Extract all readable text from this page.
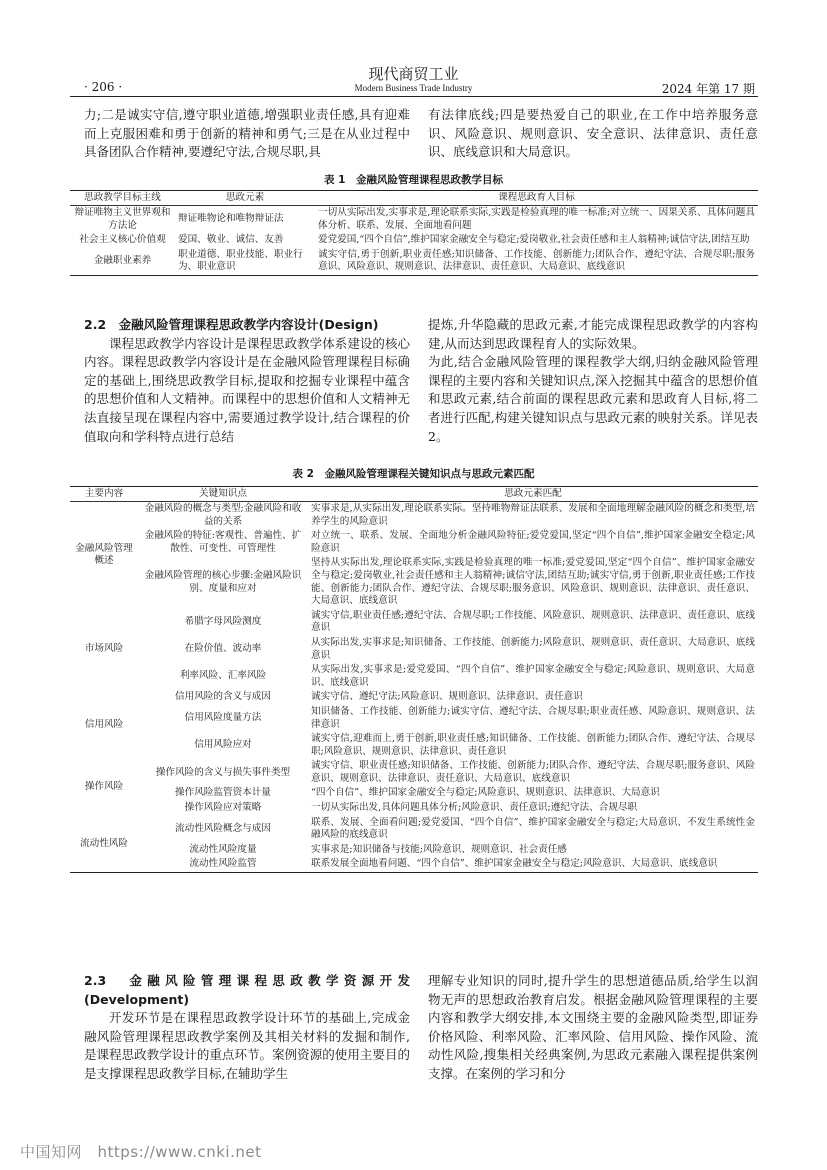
· 206 ·
现代商贸工业
Modern Business Trade Industry	2024 年第 17 期

力;二是诚实守信,遵守职业道德,增强职业责任感,具有迎难而上克服困难和勇于创新的精神和勇气;三是在从业过程中具备团队合作精神,要遵纪守法,合规尽职,具

有法律底线;四是要热爱自己的职业,在工作中培养服务意识、风险意识、规则意识、安全意识、法律意识、责任意识、底线意识和大局意识。

表 1　金融风险管理课程思政教学目标
思政教学目标主线	思政元素	课程思政育人目标
辩证唯物主义世界观和方法论	辩证唯物论和唯物辩证法	一切从实际出发,实事求是,理论联系实际,实践是检验真理的唯一标准;对立统一、因果关系、具体问题具体分析、联系、发展、全面地看问题
社会主义核心价值观	爱国、敬业、诚信、友善	爱党爱国,“四个自信”,维护国家金融安全与稳定;爱岗敬业,社会责任感和主人翁精神;诚信守法,团结互助
金融职业素养	职业道德、职业技能、职业行为、职业意识	诚实守信,勇于创新,职业责任感;知识储备、工作技能、创新能力;团队合作、遵纪守法、合规尽职;服务意识、风险意识、规则意识、法律意识、责任意识、大局意识、底线意识

2.2　金融风险管理课程思政教学内容设计(Design)

课程思政教学内容设计是课程思政教学体系建设的核心内容。课程思政教学内容设计是在金融风险管理课程目标确定的基础上,围绕思政教学目标,提取和挖掘专业课程中蕴含的思想价值和人文精神。而课程中的思想价值和人文精神无法直接呈现在课程内容中,需要通过教学设计,结合课程的价值取向和学科特点进行总结

提炼,升华隐藏的思政元素,才能完成课程思政教学的内容构建,从而达到思政课程育人的实际效果。

为此,结合金融风险管理的课程教学大纲,归纳金融风险管理课程的主要内容和关键知识点,深入挖掘其中蕴含的思想价值和思政元素,结合前面的课程思政元素和思政育人目标,将二者进行匹配,构建关键知识点与思政元素的映射关系。详见表 2。

表 2　金融风险管理课程关键知识点与思政元素匹配
主要内容	关键知识点	思政元素匹配
金融风险管理概述	金融风险的概念与类型;金融风险和收益的关系	实事求是,从实际出发,理论联系实际。坚持唯物辩证法联系、发展和全面地理解金融风险的概念和类型,培养学生的风险意识
	金融风险的特征:客观性、普遍性、扩散性、可变性、可管理性	对立统一、联系、发展、全面地分析金融风险特征;爱党爱国,坚定“四个自信”,维护国家金融安全稳定;风险意识
	金融风险管理的核心步骤:金融风险识别、度量和应对	坚持从实际出发,理论联系实际,实践是检验真理的唯一标准;爱党爱国,坚定“四个自信”、维护国家金融安全与稳定;爱岗敬业,社会责任感和主人翁精神;诚信守法,团结互助;诚实守信,勇于创新,职业责任感;工作技能、创新能力;团队合作、遵纪守法、合规尽职;服务意识、风险意识、规则意识、法律意识、责任意识、大局意识、底线意识
市场风险	希腊字母风险测度	诚实守信,职业责任感;遵纪守法、合规尽职;工作技能、风险意识、规则意识、法律意识、责任意识、底线意识
	在险价值、波动率	从实际出发,实事求是;知识储备、工作技能、创新能力;风险意识、规则意识、责任意识、大局意识、底线意识
	利率风险、汇率风险	从实际出发,实事求是;爱党爱国、“四个自信”、维护国家金融安全与稳定;风险意识、规则意识、大局意识、底线意识
信用风险	信用风险的含义与成因	诚实守信、遵纪守法;风险意识、规则意识、法律意识、责任意识
	信用风险度量方法	知识储备、工作技能、创新能力;诚实守信、遵纪守法、合规尽职;职业责任感、风险意识、规则意识、法律意识
	信用风险应对	诚实守信,迎难而上,勇于创新,职业责任感;知识储备、工作技能、创新能力;团队合作、遵纪守法、合规尽职;风险意识、规则意识、法律意识、责任意识
操作风险	操作风险的含义与损失事件类型	诚实守信、职业责任感;知识储备、工作技能、创新能力;团队合作、遵纪守法、合规尽职;服务意识、风险意识、规则意识、法律意识、责任意识、大局意识、底线意识
	操作风险监管资本计量	“四个自信”、维护国家金融安全与稳定;风险意识、规则意识、法律意识、大局意识
	操作风险应对策略	一切从实际出发,具体问题具体分析;风险意识、责任意识;遵纪守法、合规尽职
流动性风险	流动性风险概念与成因	联系、发展、全面看问题;爱党爱国、“四个自信”、维护国家金融安全与稳定;大局意识、不发生系统性金融风险的底线意识
	流动性风险度量	实事求是;知识储备与技能;风险意识、规则意识、社会责任感
	流动性风险监管	联系发展全面地看问题、“四个自信”、维护国家金融安全与稳定;风险意识、大局意识、底线意识

2.3　金融风险管理课程思政教学资源开发(Development)

开发环节是在课程思政教学设计环节的基础上,完成金融风险管理课程思政教学案例及其相关材料的发掘和制作,是课程思政教学设计的重点环节。案例资源的使用主要目的是支撑课程思政教学目标,在辅助学生

理解专业知识的同时,提升学生的思想道德品质,给学生以润物无声的思想政治教育启发。根据金融风险管理课程的主要内容和教学大纲安排,本文围绕主要的金融风险类型,即证券价格风险、利率风险、汇率风险、信用风险、操作风险、流动性风险,搜集相关经典案例,为思政元素融入课程提供案例支撑。在案例的学习和分

中国知网　https://www.cnki.net
